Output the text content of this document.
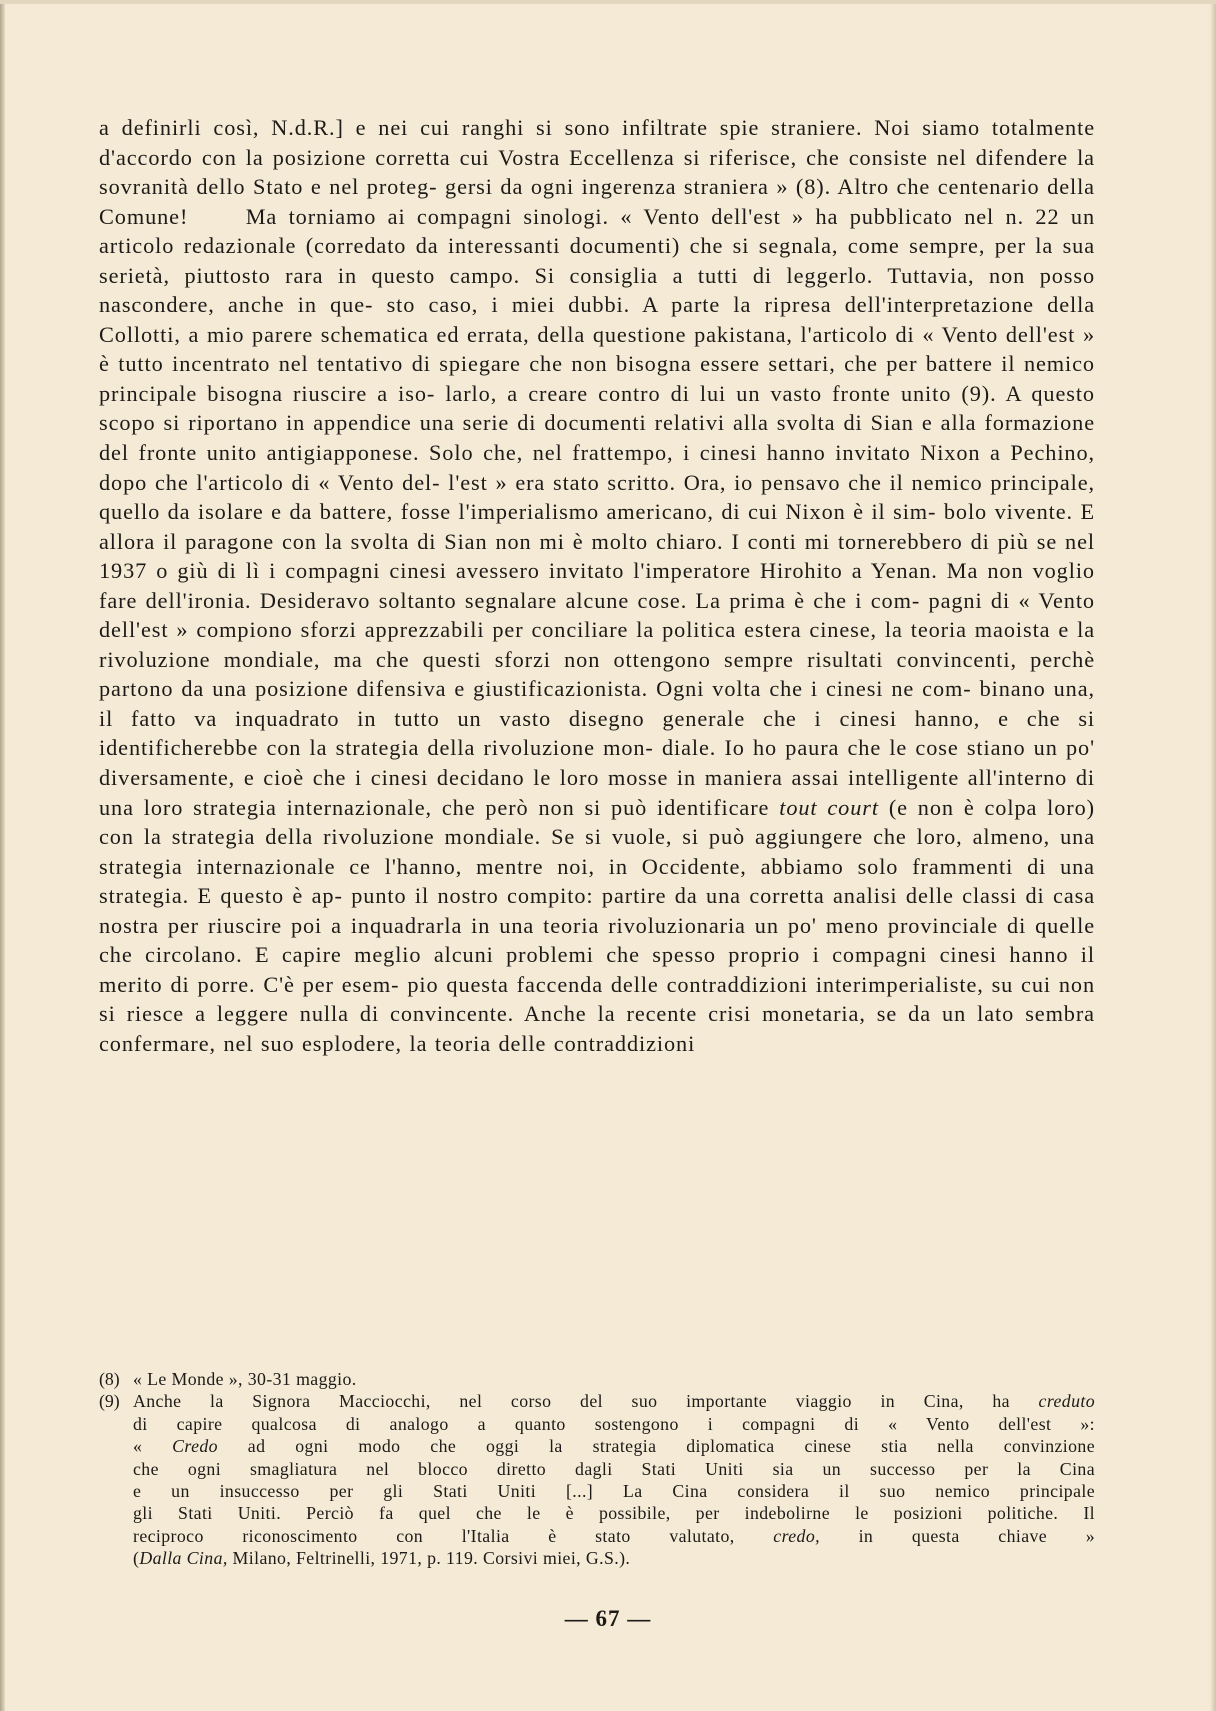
a definirli così, N.d.R.] e nei cui ranghi si sono infiltrate spie straniere. Noi siamo totalmente d'accordo con la posizione corretta cui Vostra Eccellenza si riferisce, che consiste nel difendere la sovranità dello Stato e nel proteg- gersi da ogni ingerenza straniera » (8). Altro che centenario della Comune!	Ma torniamo ai compagni sinologi. « Vento dell'est » ha pubblicato nel n. 22 un articolo redazionale (corredato da interessanti documenti) che si segnala, come sempre, per la sua serietà, piuttosto rara in questo campo. Si consiglia a tutti di leggerlo. Tuttavia, non posso nascondere, anche in que- sto caso, i miei dubbi. A parte la ripresa dell'interpretazione della Collotti, a mio parere schematica ed errata, della questione pakistana, l'articolo di « Vento dell'est » è tutto incentrato nel tentativo di spiegare che non bisogna essere settari, che per battere il nemico principale bisogna riuscire a iso- larlo, a creare contro di lui un vasto fronte unito (9). A questo scopo si riportano in appendice una serie di documenti relativi alla svolta di Sian e alla formazione del fronte unito antigiapponese. Solo che, nel frattempo, i cinesi hanno invitato Nixon a Pechino, dopo che l'articolo di « Vento del- l'est » era stato scritto. Ora, io pensavo che il nemico principale, quello da isolare e da battere, fosse l'imperialismo americano, di cui Nixon è il sim- bolo vivente. E allora il paragone con la svolta di Sian non mi è molto chiaro. I conti mi tornerebbero di più se nel 1937 o giù di lì i compagni cinesi avessero invitato l'imperatore Hirohito a Yenan. Ma non voglio fare dell'ironia. Desideravo soltanto segnalare alcune cose. La prima è che i com- pagni di « Vento dell'est » compiono sforzi apprezzabili per conciliare la politica estera cinese, la teoria maoista e la rivoluzione mondiale, ma che questi sforzi non ottengono sempre risultati convincenti, perchè partono da una posizione difensiva e giustificazionista. Ogni volta che i cinesi ne com- binano una, il fatto va inquadrato in tutto un vasto disegno generale che i cinesi hanno, e che si identificherebbe con la strategia della rivoluzione mon- diale. Io ho paura che le cose stiano un po' diversamente, e cioè che i cinesi decidano le loro mosse in maniera assai intelligente all'interno di una loro strategia internazionale, che però non si può identificare tout court (e non è colpa loro) con la strategia della rivoluzione mondiale. Se si vuole, si può aggiungere che loro, almeno, una strategia internazionale ce l'hanno, mentre noi, in Occidente, abbiamo solo frammenti di una strategia. E questo è ap- punto il nostro compito: partire da una corretta analisi delle classi di casa nostra per riuscire poi a inquadrarla in una teoria rivoluzionaria un po' meno provinciale di quelle che circolano. E capire meglio alcuni problemi che spesso proprio i compagni cinesi hanno il merito di porre. C'è per esem- pio questa faccenda delle contraddizioni interimperialiste, su cui non si riesce a leggere nulla di convincente. Anche la recente crisi monetaria, se da un lato sembra confermare, nel suo esplodere, la teoria delle contraddizioni
(8) « Le Monde », 30-31 maggio.
(9) Anche la Signora Macciocchi, nel corso del suo importante viaggio in Cina, ha creduto
di capire qualcosa di analogo a quanto sostengono i compagni di « Vento dell'est »:
« Credo ad ogni modo che oggi la strategia diplomatica cinese stia nella convinzione
che ogni smagliatura nel blocco diretto dagli Stati Uniti sia un successo per la Cina
e un insuccesso per gli Stati Uniti [...] La Cina considera il suo nemico principale
gli Stati Uniti. Perciò fa quel che le è possibile, per indebolirne le posizioni politiche. Il
reciproco riconoscimento con l'Italia è stato valutato, credo, in questa chiave »
(Dalla Cina, Milano, Feltrinelli, 1971, p. 119. Corsivi miei, G.S.).
— 67 —
